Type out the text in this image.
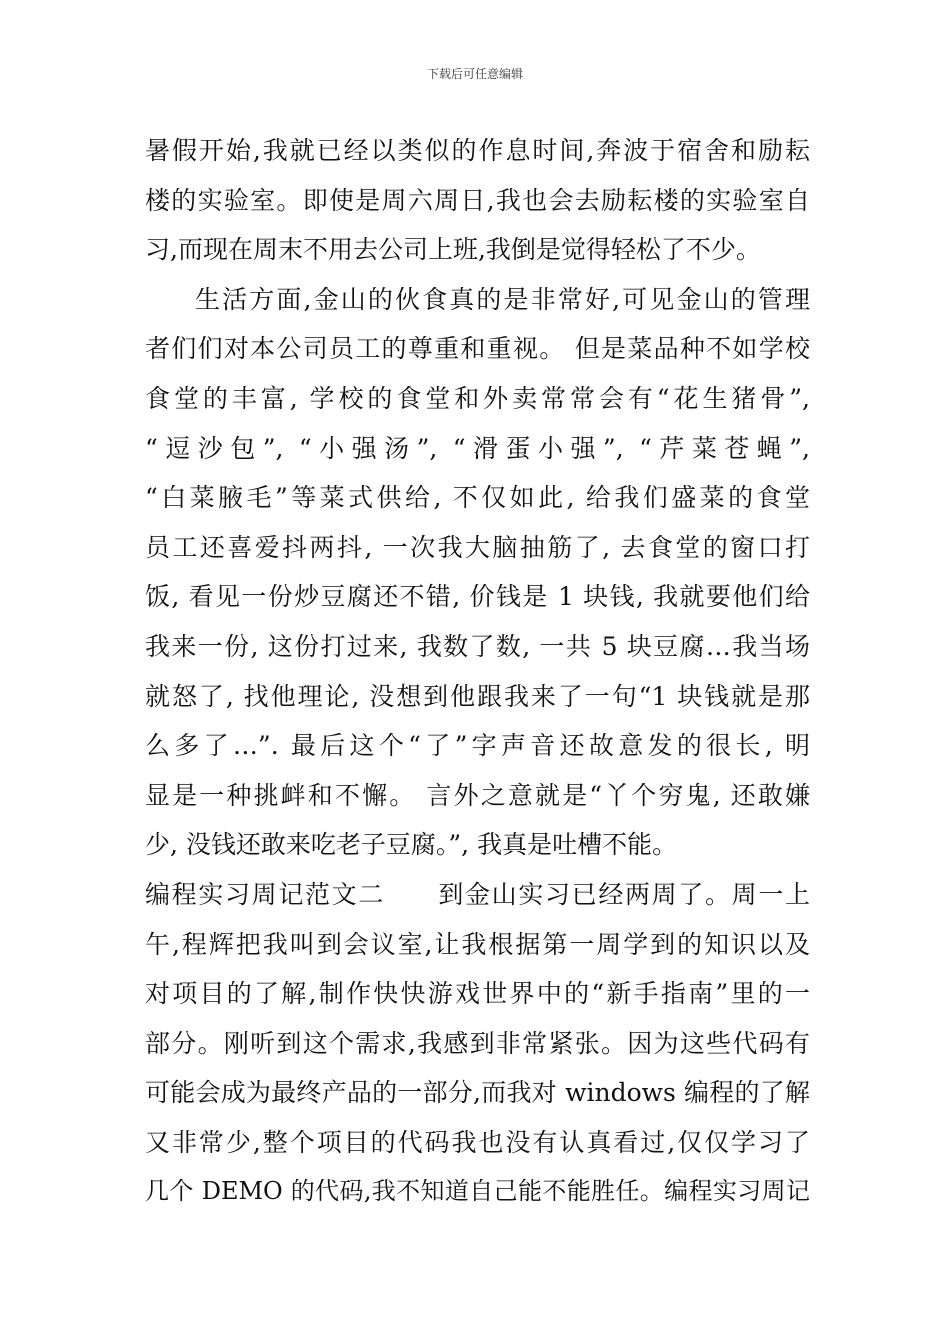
下载后可任意编辑
暑假开始,我就已经以类似的作息时间,奔波于宿舍和励耘
楼的实验室。即使是周六周日,我也会去励耘楼的实验室自
习,而现在周末不用去公司上班,我倒是觉得轻松了不少。
生活方面,金山的伙食真的是非常好,可见金山的管理
者们们对本公司员工的尊重和重视。 但是菜品种不如学校
食堂的丰富, 学校的食堂和外卖常常会有“花生猪骨”,
“逗沙包”, “小强汤”, “滑蛋小强”, “芹菜苍蝇”,
“白菜腋毛”等菜式供给, 不仅如此, 给我们盛菜的食堂
员工还喜爱抖两抖, 一次我大脑抽筋了, 去食堂的窗口打
饭, 看见一份炒豆腐还不错, 价钱是 1 块钱, 我就要他们给
我来一份, 这份打过来, 我数了数, 一共 5 块豆腐…我当场
就怒了, 找他理论, 没想到他跟我来了一句“1 块钱就是那
么多了…”. 最后这个“了”字声音还故意发的很长, 明
显是一种挑衅和不懈。 言外之意就是“丫个穷鬼, 还敢嫌
少, 没钱还敢来吃老子豆腐。”, 我真是吐槽不能。
编程实习周记范文二　　到金山实习已经两周了。周一上
午,程辉把我叫到会议室,让我根据第一周学到的知识以及
对项目的了解,制作快快游戏世界中的“新手指南”里的一
部分。刚听到这个需求,我感到非常紧张。因为这些代码有
可能会成为最终产品的一部分,而我对 windows 编程的了解
又非常少,整个项目的代码我也没有认真看过,仅仅学习了
几个 DEMO 的代码,我不知道自己能不能胜任。编程实习周记
